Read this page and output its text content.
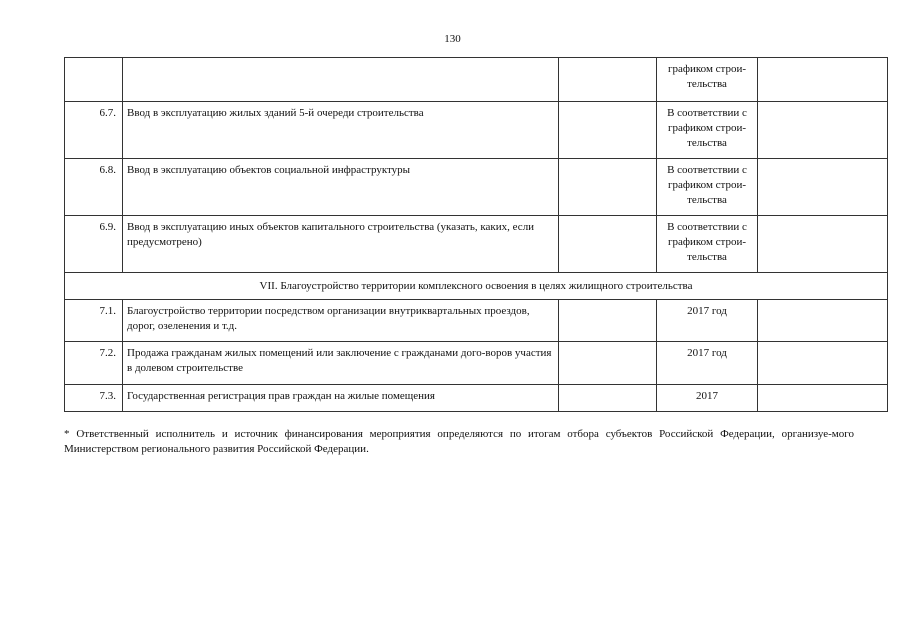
130
			графиком строи-тельства	
6.7.	Ввод в эксплуатацию жилых зданий 5-й очереди строительства		В соответствии с графиком строи-тельства	
6.8.	Ввод в эксплуатацию объектов социальной инфраструктуры		В соответствии с графиком строи-тельства	
6.9.	Ввод в эксплуатацию иных объектов капитального строительства (указать, каких, если предусмотрено)		В соответствии с графиком строи-тельства	
VII. Благоустройство территории комплексного освоения в целях жилищного строительства				
7.1.	Благоустройство территории посредством организации внутриквартальных проездов, дорог, озеленения и т.д.		2017 год	
7.2.	Продажа гражданам жилых помещений или заключение с гражданами дого-воров участия в долевом строительстве		2017 год	
7.3.	Государственная регистрация прав граждан на жилые помещения		2017	
* Ответственный исполнитель и источник финансирования мероприятия определяются по итогам отбора субъектов Российской Федерации, организуе-мого Министерством регионального развития Российской Федерации.
